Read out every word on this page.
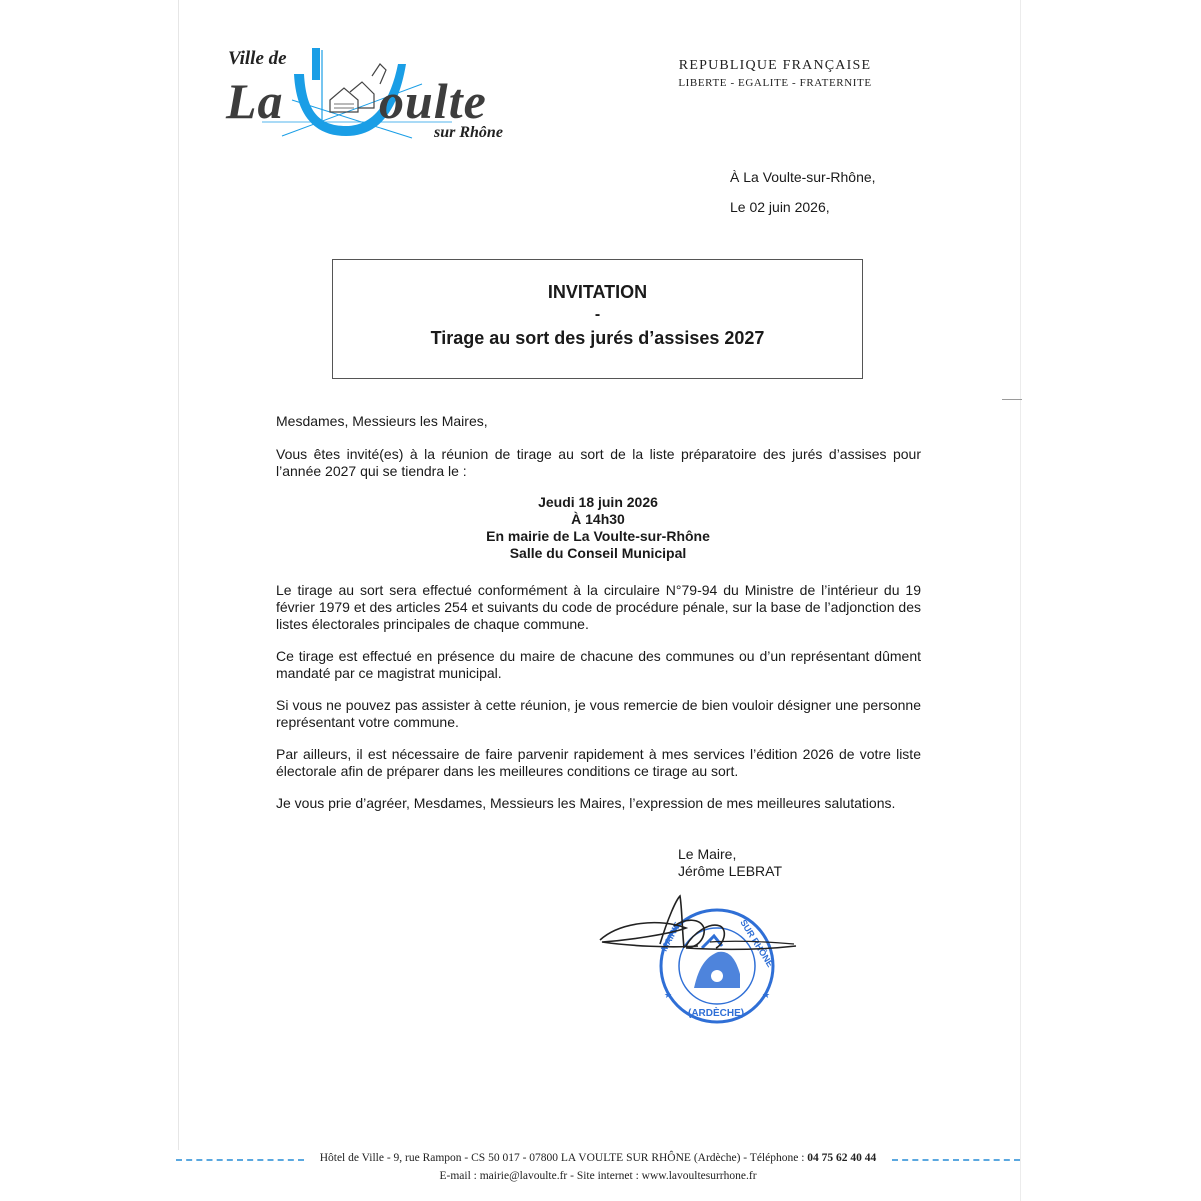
Ville de
La oulte
sur Rhône
REPUBLIQUE FRANÇAISE
LIBERTE - EGALITE - FRATERNITE
À La Voulte-sur-Rhône,
Le 02 juin 2026,
INVITATION
-
Tirage au sort des jurés d’assises 2027
Mesdames, Messieurs les Maires,
Vous êtes invité(es) à la réunion de tirage au sort de la liste préparatoire des jurés d’assises pour l’année 2027 qui se tiendra le :
Jeudi 18 juin 2026
À 14h30
En mairie de La Voulte-sur-Rhône
Salle du Conseil Municipal
Le tirage au sort sera effectué conformément à la circulaire N°79-94 du Ministre de l’intérieur du 19 février 1979 et des articles 254 et suivants du code de procédure pénale, sur la base de l’adjonction des listes électorales principales de chaque commune.
Ce tirage est effectué en présence du maire de chacune des communes ou d’un représentant dûment mandaté par ce magistrat municipal.
Si vous ne pouvez pas assister à cette réunion, je vous remercie de bien vouloir désigner une personne représentant votre commune.
Par ailleurs, il est nécessaire de faire parvenir rapidement à mes services l’édition 2026 de votre liste électorale afin de préparer dans les meilleures conditions ce tirage au sort.
Je vous prie d’agréer, Mesdames, Messieurs les Maires, l’expression de mes meilleures salutations.
Le Maire,
Jérôme LEBRAT
MAIRIE	SUR RHÔNE
(ARDÈCHE)
★	★
Hôtel de Ville - 9, rue Rampon - CS 50 017 - 07800 LA VOULTE SUR RHÔNE (Ardèche) - Téléphone : 04 75 62 40 44
E-mail : mairie@lavoulte.fr - Site internet : www.lavoultesurrhone.fr
